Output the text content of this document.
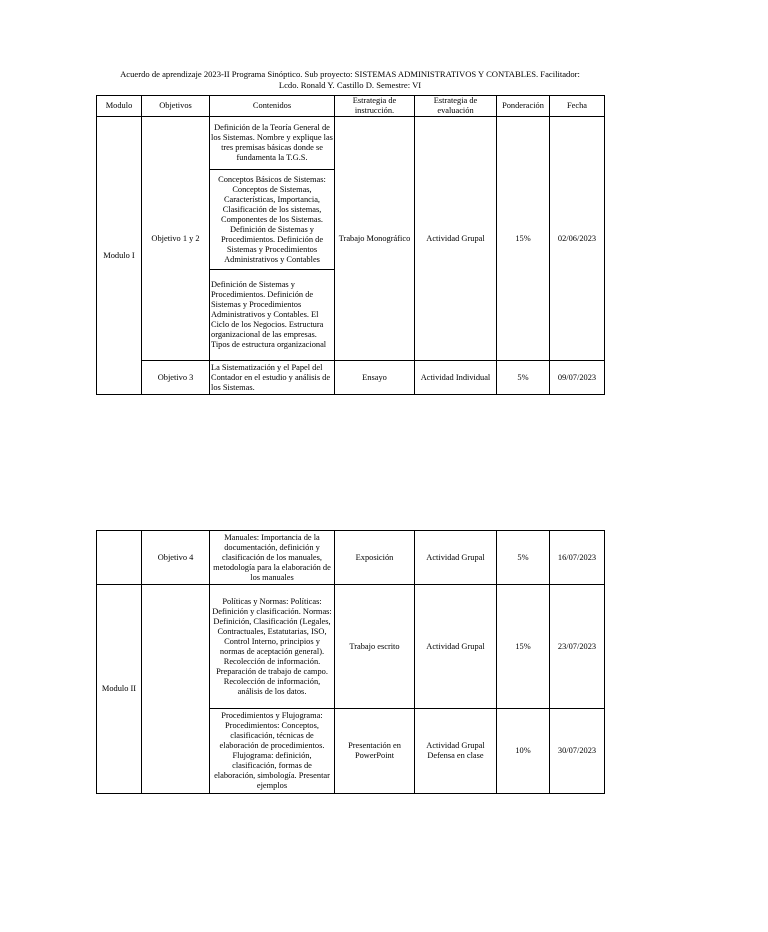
Acuerdo de aprendizaje 2023-II Programa Sinóptico. Sub proyecto: SISTEMAS ADMINISTRATIVOS Y CONTABLES. Facilitador:
Lcdo. Ronald Y. Castillo D. Semestre: VI
Modulo	Objetivos	Contenidos	Estrategia de instrucción.	Estrategia de evaluación	Ponderación	Fecha
Modulo I	Objetivo 1 y 2	Definición de la Teoría General de los Sistemas. Nombre y explique las tres premisas básicas donde se fundamenta la T.G.S.	Trabajo Monográfico	Actividad Grupal	15%	02/06/2023
		Conceptos Básicos de Sistemas: Conceptos de Sistemas, Características, Importancia, Clasificación de los sistemas, Componentes de los Sistemas. Definición de Sistemas y Procedimientos. Definición de Sistemas y Procedimientos Administrativos y Contables				
		Definición de Sistemas y Procedimientos. Definición de Sistemas y Procedimientos Administrativos y Contables. El Ciclo de los Negocios. Estructura organizacional de las empresas. Tipos de estructura organizacional				
	Objetivo 3	La Sistematización y el Papel del Contador en el estudio y análisis de los Sistemas.	Ensayo	Actividad Individual	5%	09/07/2023
	Objetivo 4	Manuales: Importancia de la documentación, definición y clasificación de los manuales, metodología para la elaboración de los manuales	Exposición	Actividad Grupal	5%	16/07/2023
Modulo II		Políticas y Normas: Políticas: Definición y clasificación. Normas: Definición, Clasificación (Legales, Contractuales, Estatutarias, ISO, Control Interno, principios y normas de aceptación general). Recolección de información. Preparación de trabajo de campo. Recolección de información, análisis de los datos.	Trabajo escrito	Actividad Grupal	15%	23/07/2023
		Procedimientos y Flujograma: Procedimientos: Conceptos, clasificación, técnicas de elaboración de procedimientos. Flujograma: definición, clasificación, formas de elaboración, simbología. Presentar ejemplos	Presentación en PowerPoint	Actividad Grupal Defensa en clase	10%	30/07/2023
